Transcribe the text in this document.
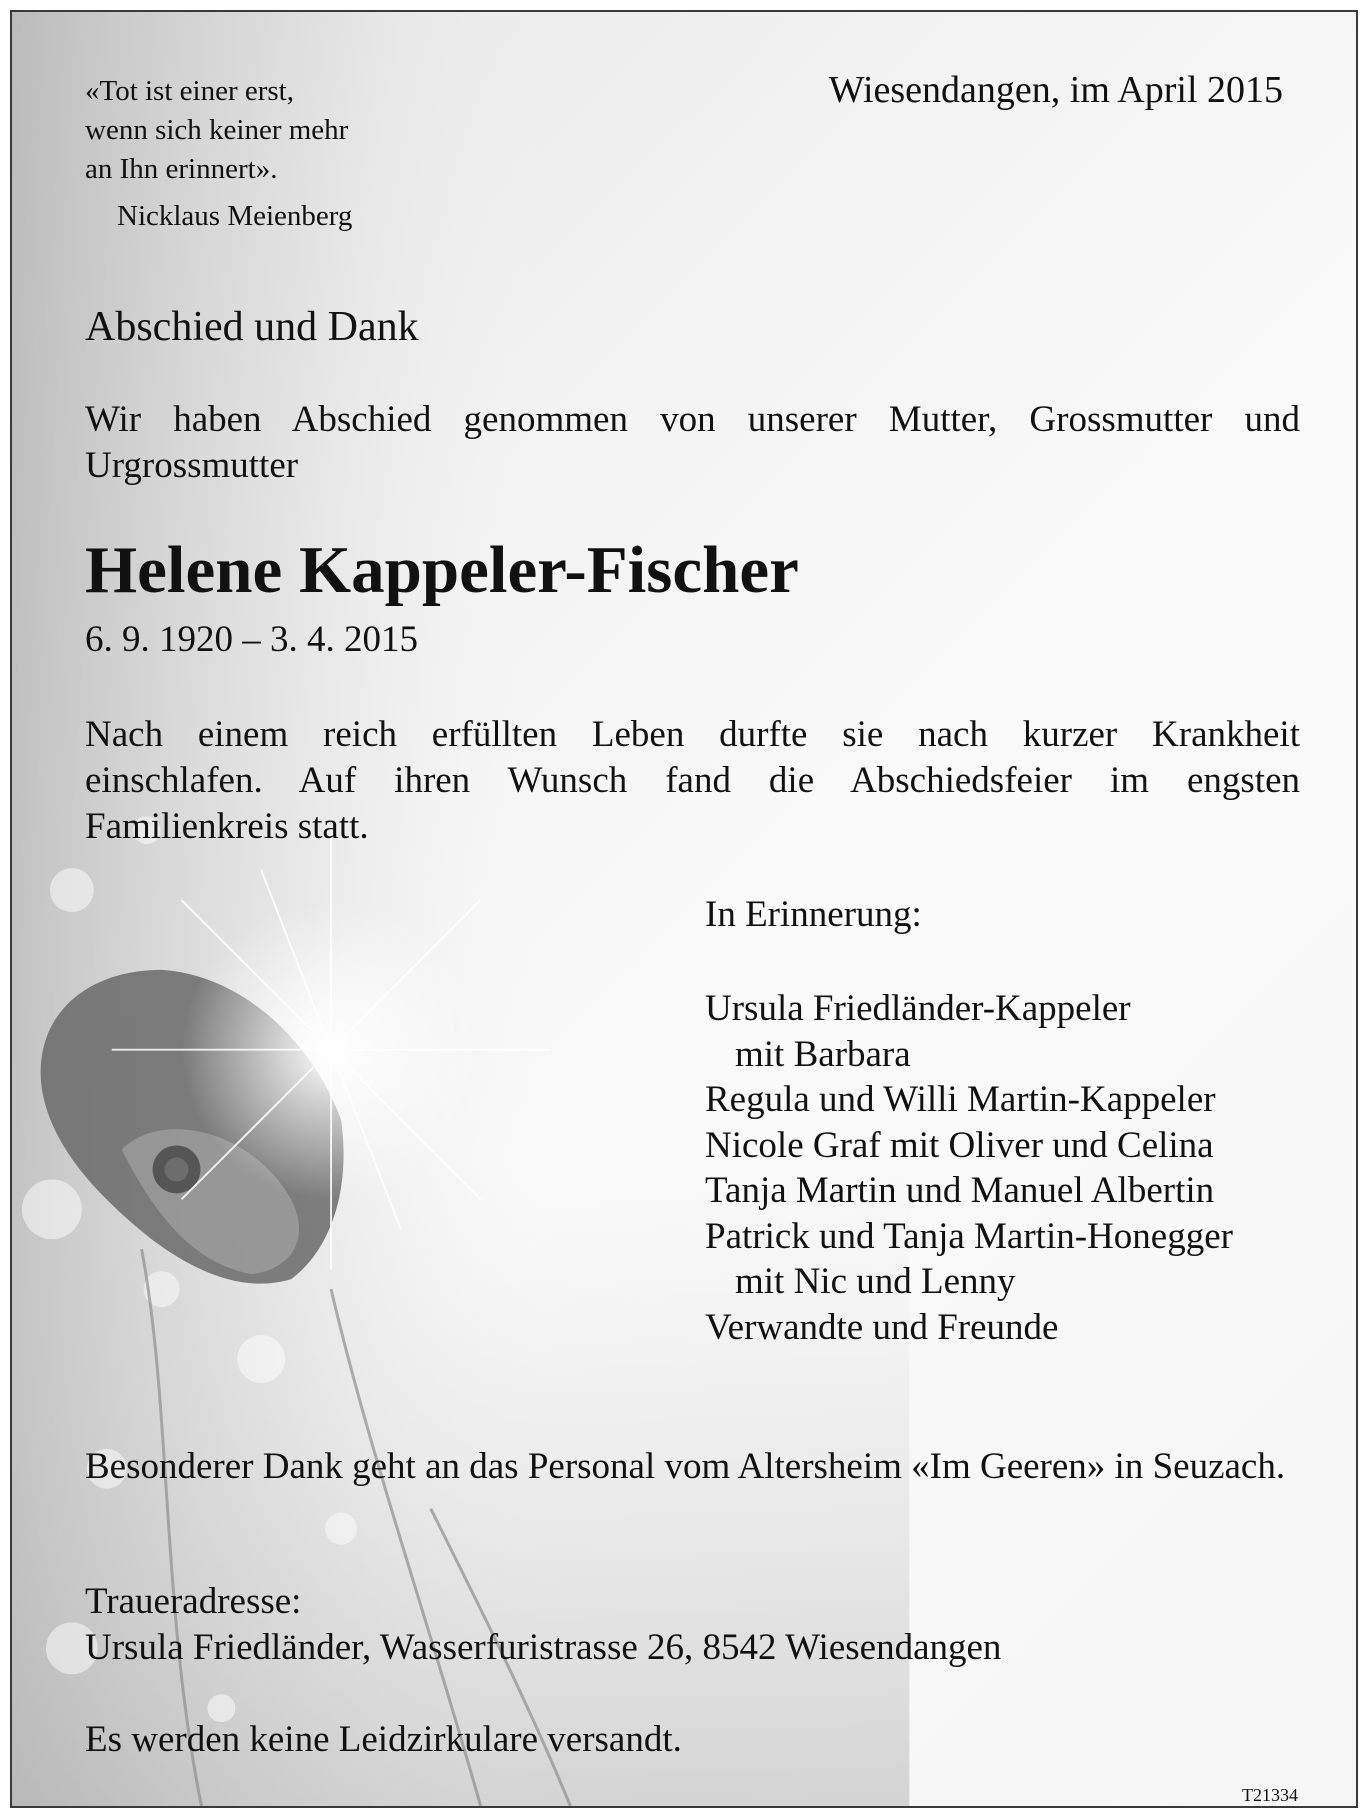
«Tot ist einer erst,
wenn sich keiner mehr
an Ihn erinnert».
Nicklaus Meienberg
Wiesendangen, im April 2015
Abschied und Dank
Wir haben Abschied genommen von unserer Mutter, Grossmutter und Urgrossmutter
Helene Kappeler-Fischer
6. 9. 1920 – 3. 4. 2015
Nach einem reich erfüllten Leben durfte sie nach kurzer Krankheit
einschlafen. Auf ihren Wunsch fand die Abschiedsfeier im engsten
Familienkreis statt.
In Erinnerung:
Ursula Friedländer-Kappeler
mit Barbara
Regula und Willi Martin-Kappeler
Nicole Graf mit Oliver und Celina
Tanja Martin und Manuel Albertin
Patrick und Tanja Martin-Honegger
mit Nic und Lenny
Verwandte und Freunde
Besonderer Dank geht an das Personal vom Altersheim «Im Geeren» in Seuzach.
Traueradresse:
Ursula Friedländer, Wasserfuristrasse 26, 8542 Wiesendangen
Es werden keine Leidzirkulare versandt.
T21334
